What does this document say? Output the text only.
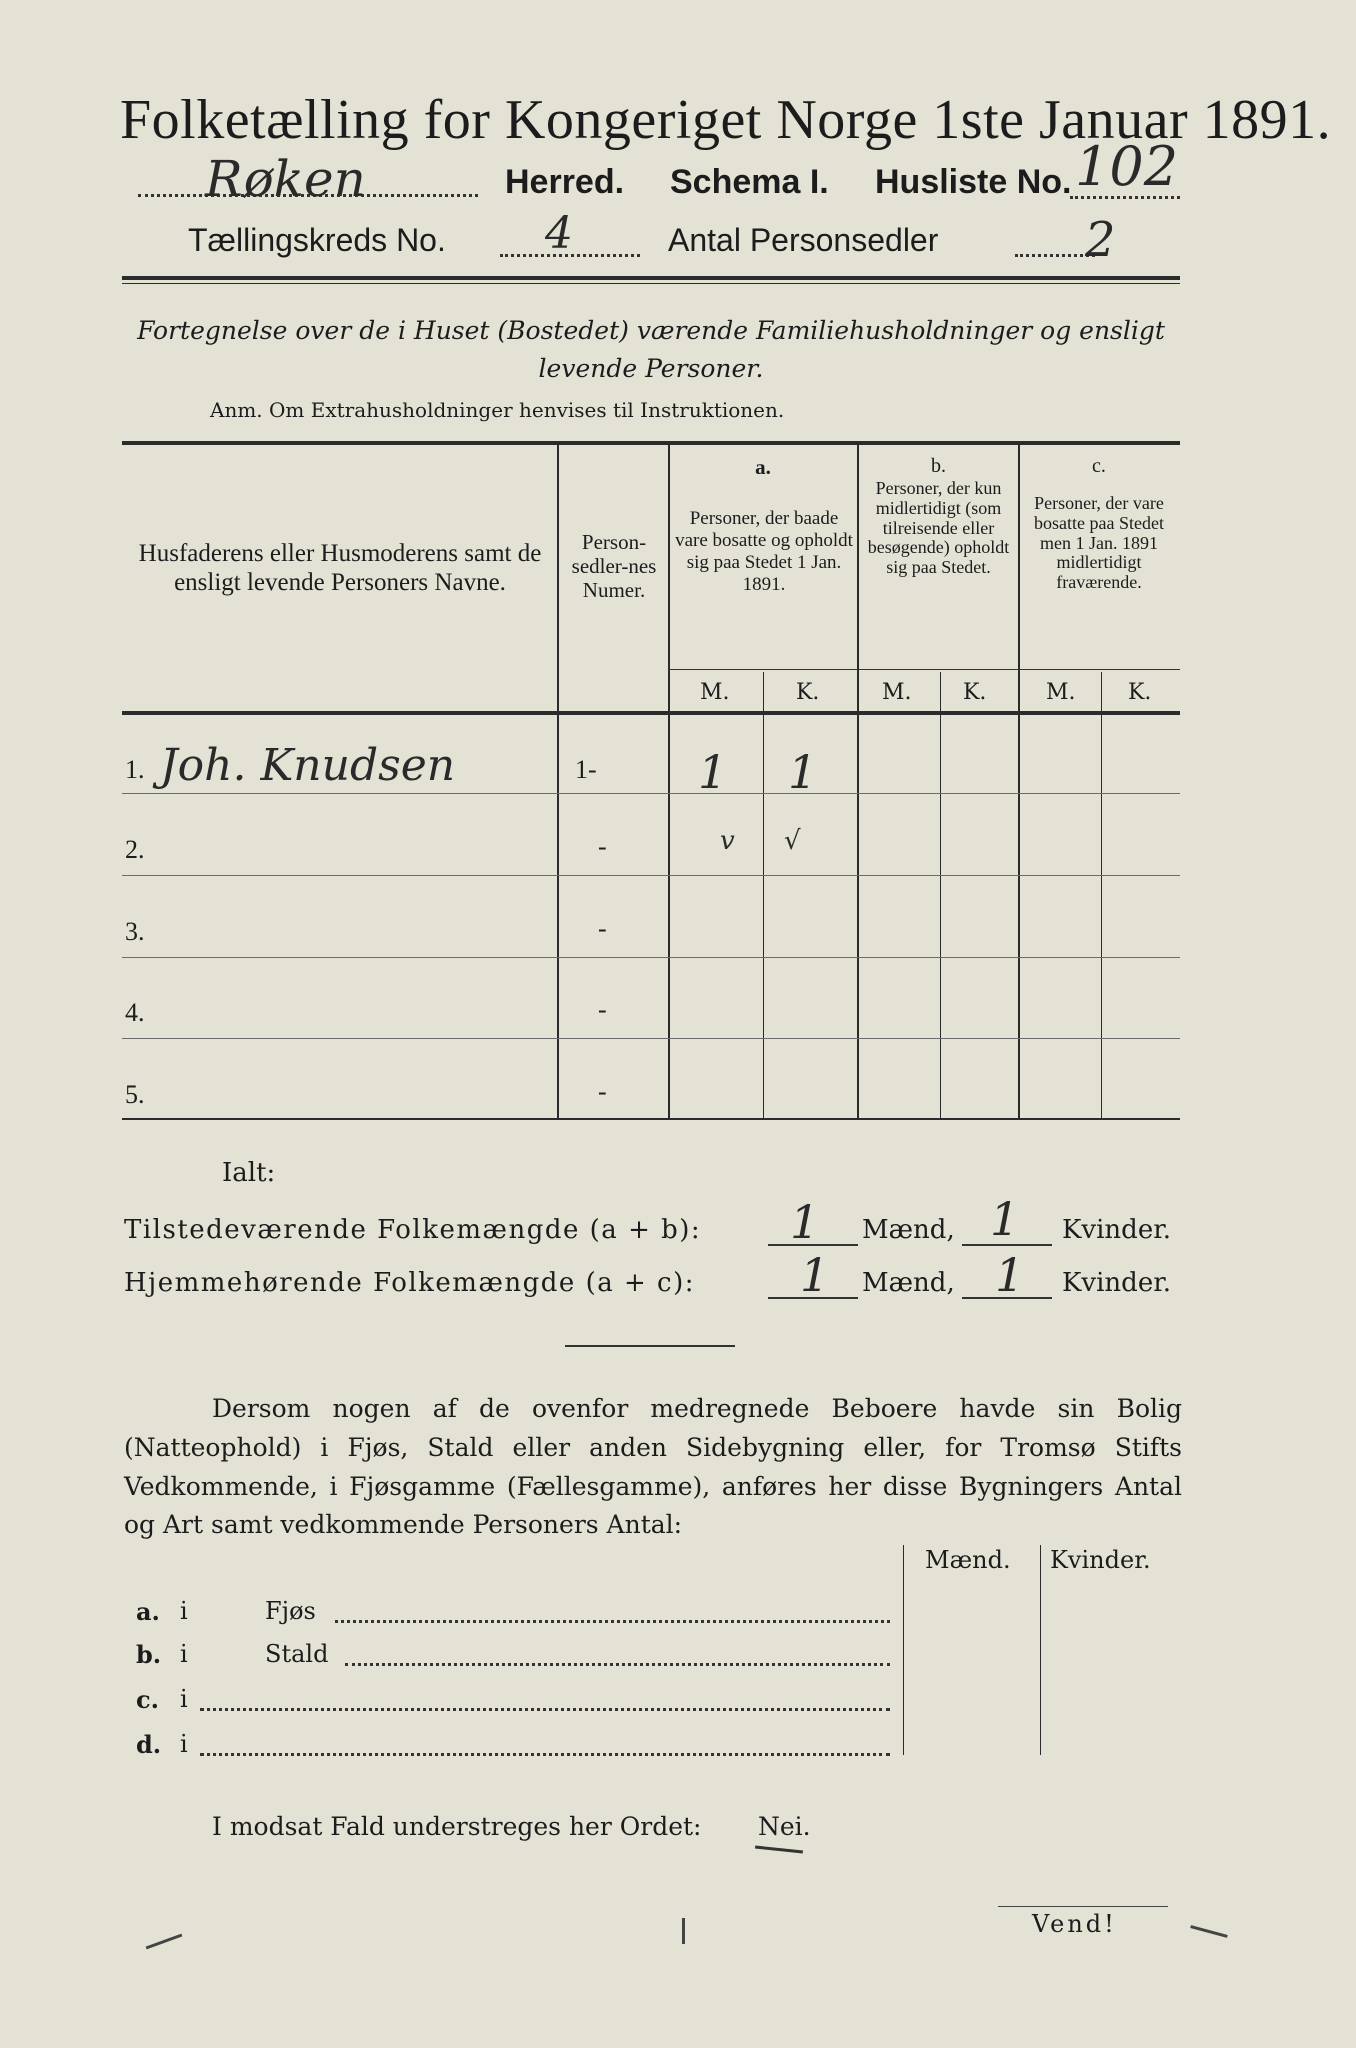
Folketælling for Kongeriget Norge 1ste Januar 1891.
Røken	Herred. Schema I. Husliste No. 102
Tællingskreds No. 4	Antal Personsedler	2
Fortegnelse over de i Huset (Bostedet) værende Familiehusholdninger og ensligt levende Personer.
Anm. Om Extrahusholdninger henvises til Instruktionen.
Husfaderens eller Husmoderens samt de ensligt levende Personers Navne.
Person-sedler-nes Numer.
a.
Personer, der baade vare bosatte og opholdt sig paa Stedet 1 Jan. 1891.
b.
Personer, der kun midlertidigt (som tilreisende eller besøgende) opholdt sig paa Stedet.
c.
Personer, der vare bosatte paa Stedet men 1 Jan. 1891 midlertidigt fraværende.
M.	K.	M. K.	M. K.
1. Joh. Knudsen	1- 1 1
2.	-	v √
3.	-
4.	-
5.	-
Ialt:
Tilstedeværende Folkemængde (a + b): 1 Mænd, 1 Kvinder.
Hjemmehørende Folkemængde (a + c): 1 Mænd, 1 Kvinder.
Dersom nogen af de ovenfor medregnede Beboere havde sin Bolig (Natteophold) i Fjøs, Stald eller anden Sidebygning eller, for Tromsø Stifts Vedkommende, i Fjøsgamme (Fællesgamme), anføres her disse Bygningers Antal og Art samt vedkommende Personers Antal:
Mænd. Kvinder.
a. i	Fjøs
b. i	Stald
c. i
d. i
I modsat Fald understreges her Ordet: Nei.
Vend!
